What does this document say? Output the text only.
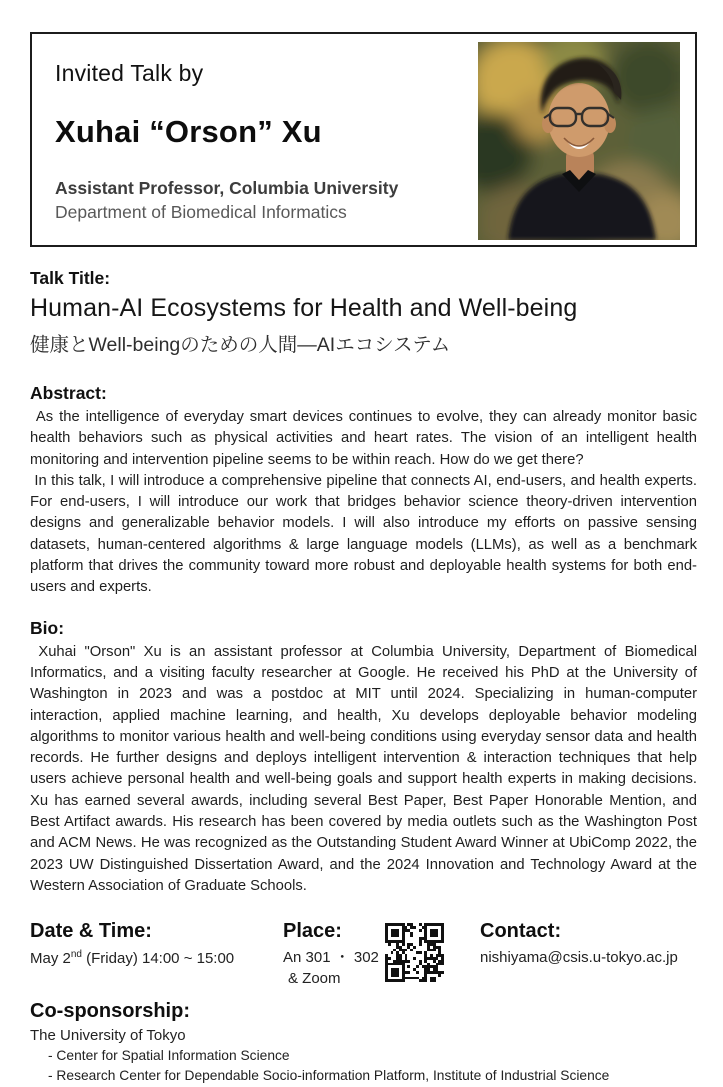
Invited Talk by
Xuhai “Orson” Xu
Assistant Professor, Columbia University
Department of Biomedical Informatics
Talk Title:
Human-AI Ecosystems for Health and Well-being
健康とWell-beingのための人間―AIエコシステム
Abstract:
As the intelligence of everyday smart devices continues to evolve, they can already monitor basic health behaviors such as physical activities and heart rates. The vision of an intelligent health monitoring and intervention pipeline seems to be within reach. How do we get there?
In this talk, I will introduce a comprehensive pipeline that connects AI, end-users, and health experts. For end-users, I will introduce our work that bridges behavior science theory-driven intervention designs and generalizable behavior models. I will also introduce my efforts on passive sensing datasets, human-centered algorithms & large language models (LLMs), as well as a benchmark platform that drives the community toward more robust and deployable health systems for both end-users and experts.
Bio:
Xuhai "Orson" Xu is an assistant professor at Columbia University, Department of Biomedical Informatics, and a visiting faculty researcher at Google. He received his PhD at the University of Washington in 2023 and was a postdoc at MIT until 2024. Specializing in human-computer interaction, applied machine learning, and health, Xu develops deployable behavior modeling algorithms to monitor various health and well-being conditions using everyday sensor data and health records. He further designs and deploys intelligent intervention & interaction techniques that help users achieve personal health and well-being goals and support health experts in making decisions. Xu has earned several awards, including several Best Paper, Best Paper Honorable Mention, and Best Artifact awards. His research has been covered by media outlets such as the Washington Post and ACM News. He was recognized as the Outstanding Student Award Winner at UbiComp 2022, the 2023 UW Distinguished Dissertation Award, and the 2024 Innovation and Technology Award at the Western Association of Graduate Schools.
Date & Time:
May 2nd (Friday) 14:00 ~ 15:00
Place:
An 301 ・ 302
& Zoom
Contact:
nishiyama@csis.u-tokyo.ac.jp
Co-sponsorship:
The University of Tokyo
- Center for Spatial Information Science
- Research Center for Dependable Socio-information Platform, Institute of Industrial Science
